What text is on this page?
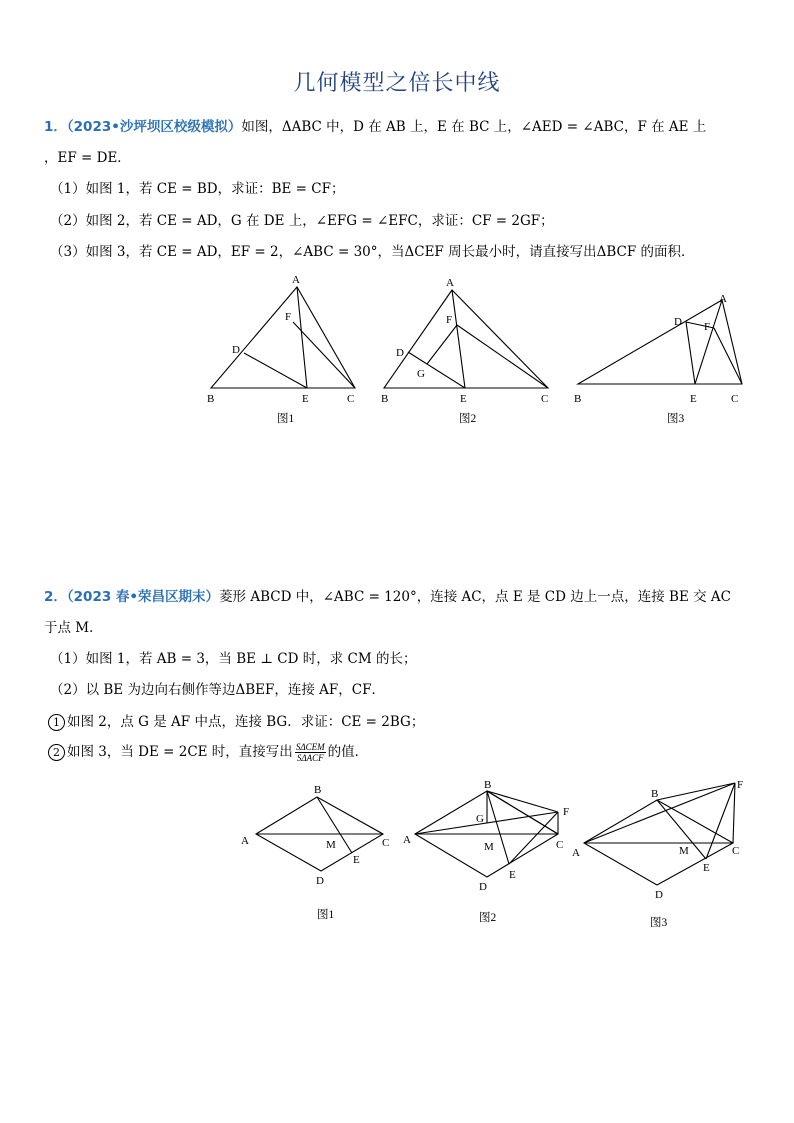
几何模型之倍长中线
1．（2023•沙坪坝区校级模拟）如图，ΔABC 中，D 在 AB 上，E 在 BC 上，∠AED = ∠ABC，F 在 AE 上
，EF = DE．
（1）如图 1，若 CE = BD，求证：BE = CF；
（2）如图 2，若 CE = AD，G 在 DE 上，∠EFG = ∠EFC，求证：CF = 2GF；
（3）如图 3，若 CE = AD，EF = 2，∠ABC = 30°，当ΔCEF 周长最小时，请直接写出ΔBCF 的面积．
A
F
D
B	E	C
图1
A
F
D
G
B	E	C
图2
A
D F
B	E	C
图3
B
A	M	C
E
D
图1
B
F
G
A
M	C
E
D
图2
F
B
A	M	C
E
D
图3
2．（2023 春•荣昌区期末）菱形 ABCD 中，∠ABC = 120°，连接 AC，点 E 是 CD 边上一点，连接 BE 交 AC
于点 M．
（1）如图 1，若 AB = 3，当 BE ⊥ CD 时，求 CM 的长；
（2）以 BE 为边向右侧作等边ΔBEF，连接 AF，CF．
1 如图 2，点 G 是 AF 中点，连接 BG．求证：CE = 2BG；
2 如图 3，当 DE = 2CE 时，直接写出 $\frac{\text{SΔCEM}}{\text{SΔACF}}$ 的值．
